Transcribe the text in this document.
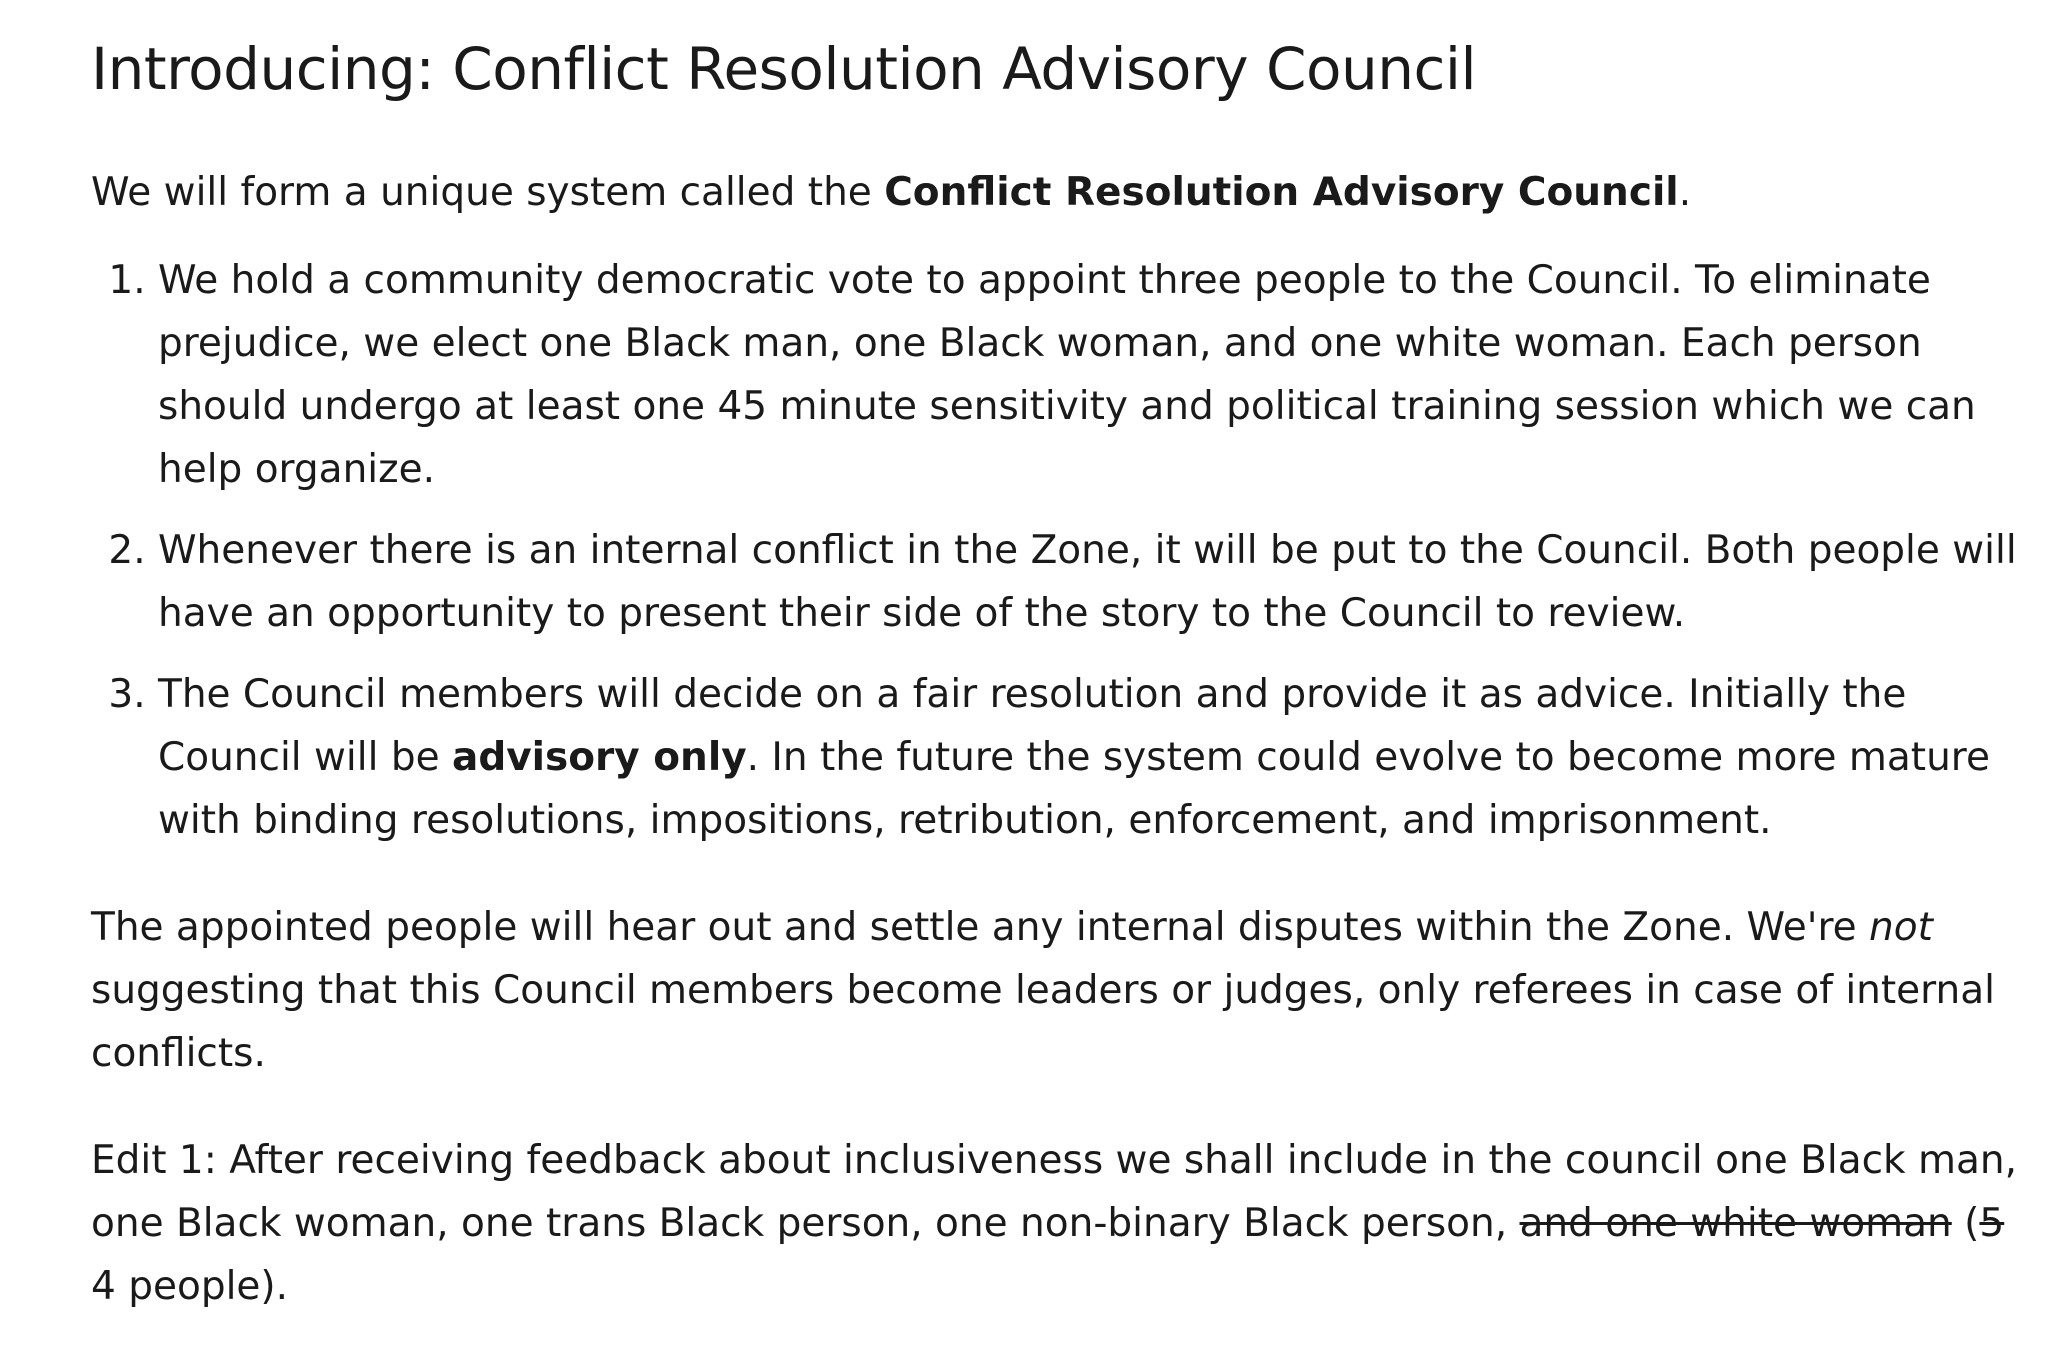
Introducing: Conflict Resolution Advisory Council

We will form a unique system called the Conflict Resolution Advisory Council.

1. We hold a community democratic vote to appoint three people to the Council. To eliminate prejudice, we elect one Black man, one Black woman, and one white woman. Each person should undergo at least one 45 minute sensitivity and political training session which we can help organize.
2. Whenever there is an internal conflict in the Zone, it will be put to the Council. Both people will have an opportunity to present their side of the story to the Council to review.
3. The Council members will decide on a fair resolution and provide it as advice. Initially the Council will be advisory only. In the future the system could evolve to become more mature with binding resolutions, impositions, retribution, enforcement, and imprisonment.

The appointed people will hear out and settle any internal disputes within the Zone. We're not suggesting that this Council members become leaders or judges, only referees in case of internal conflicts.

Edit 1: After receiving feedback about inclusiveness we shall include in the council one Black man, one Black woman, one trans Black person, one non-binary Black person, and one white woman (5 4 people).
